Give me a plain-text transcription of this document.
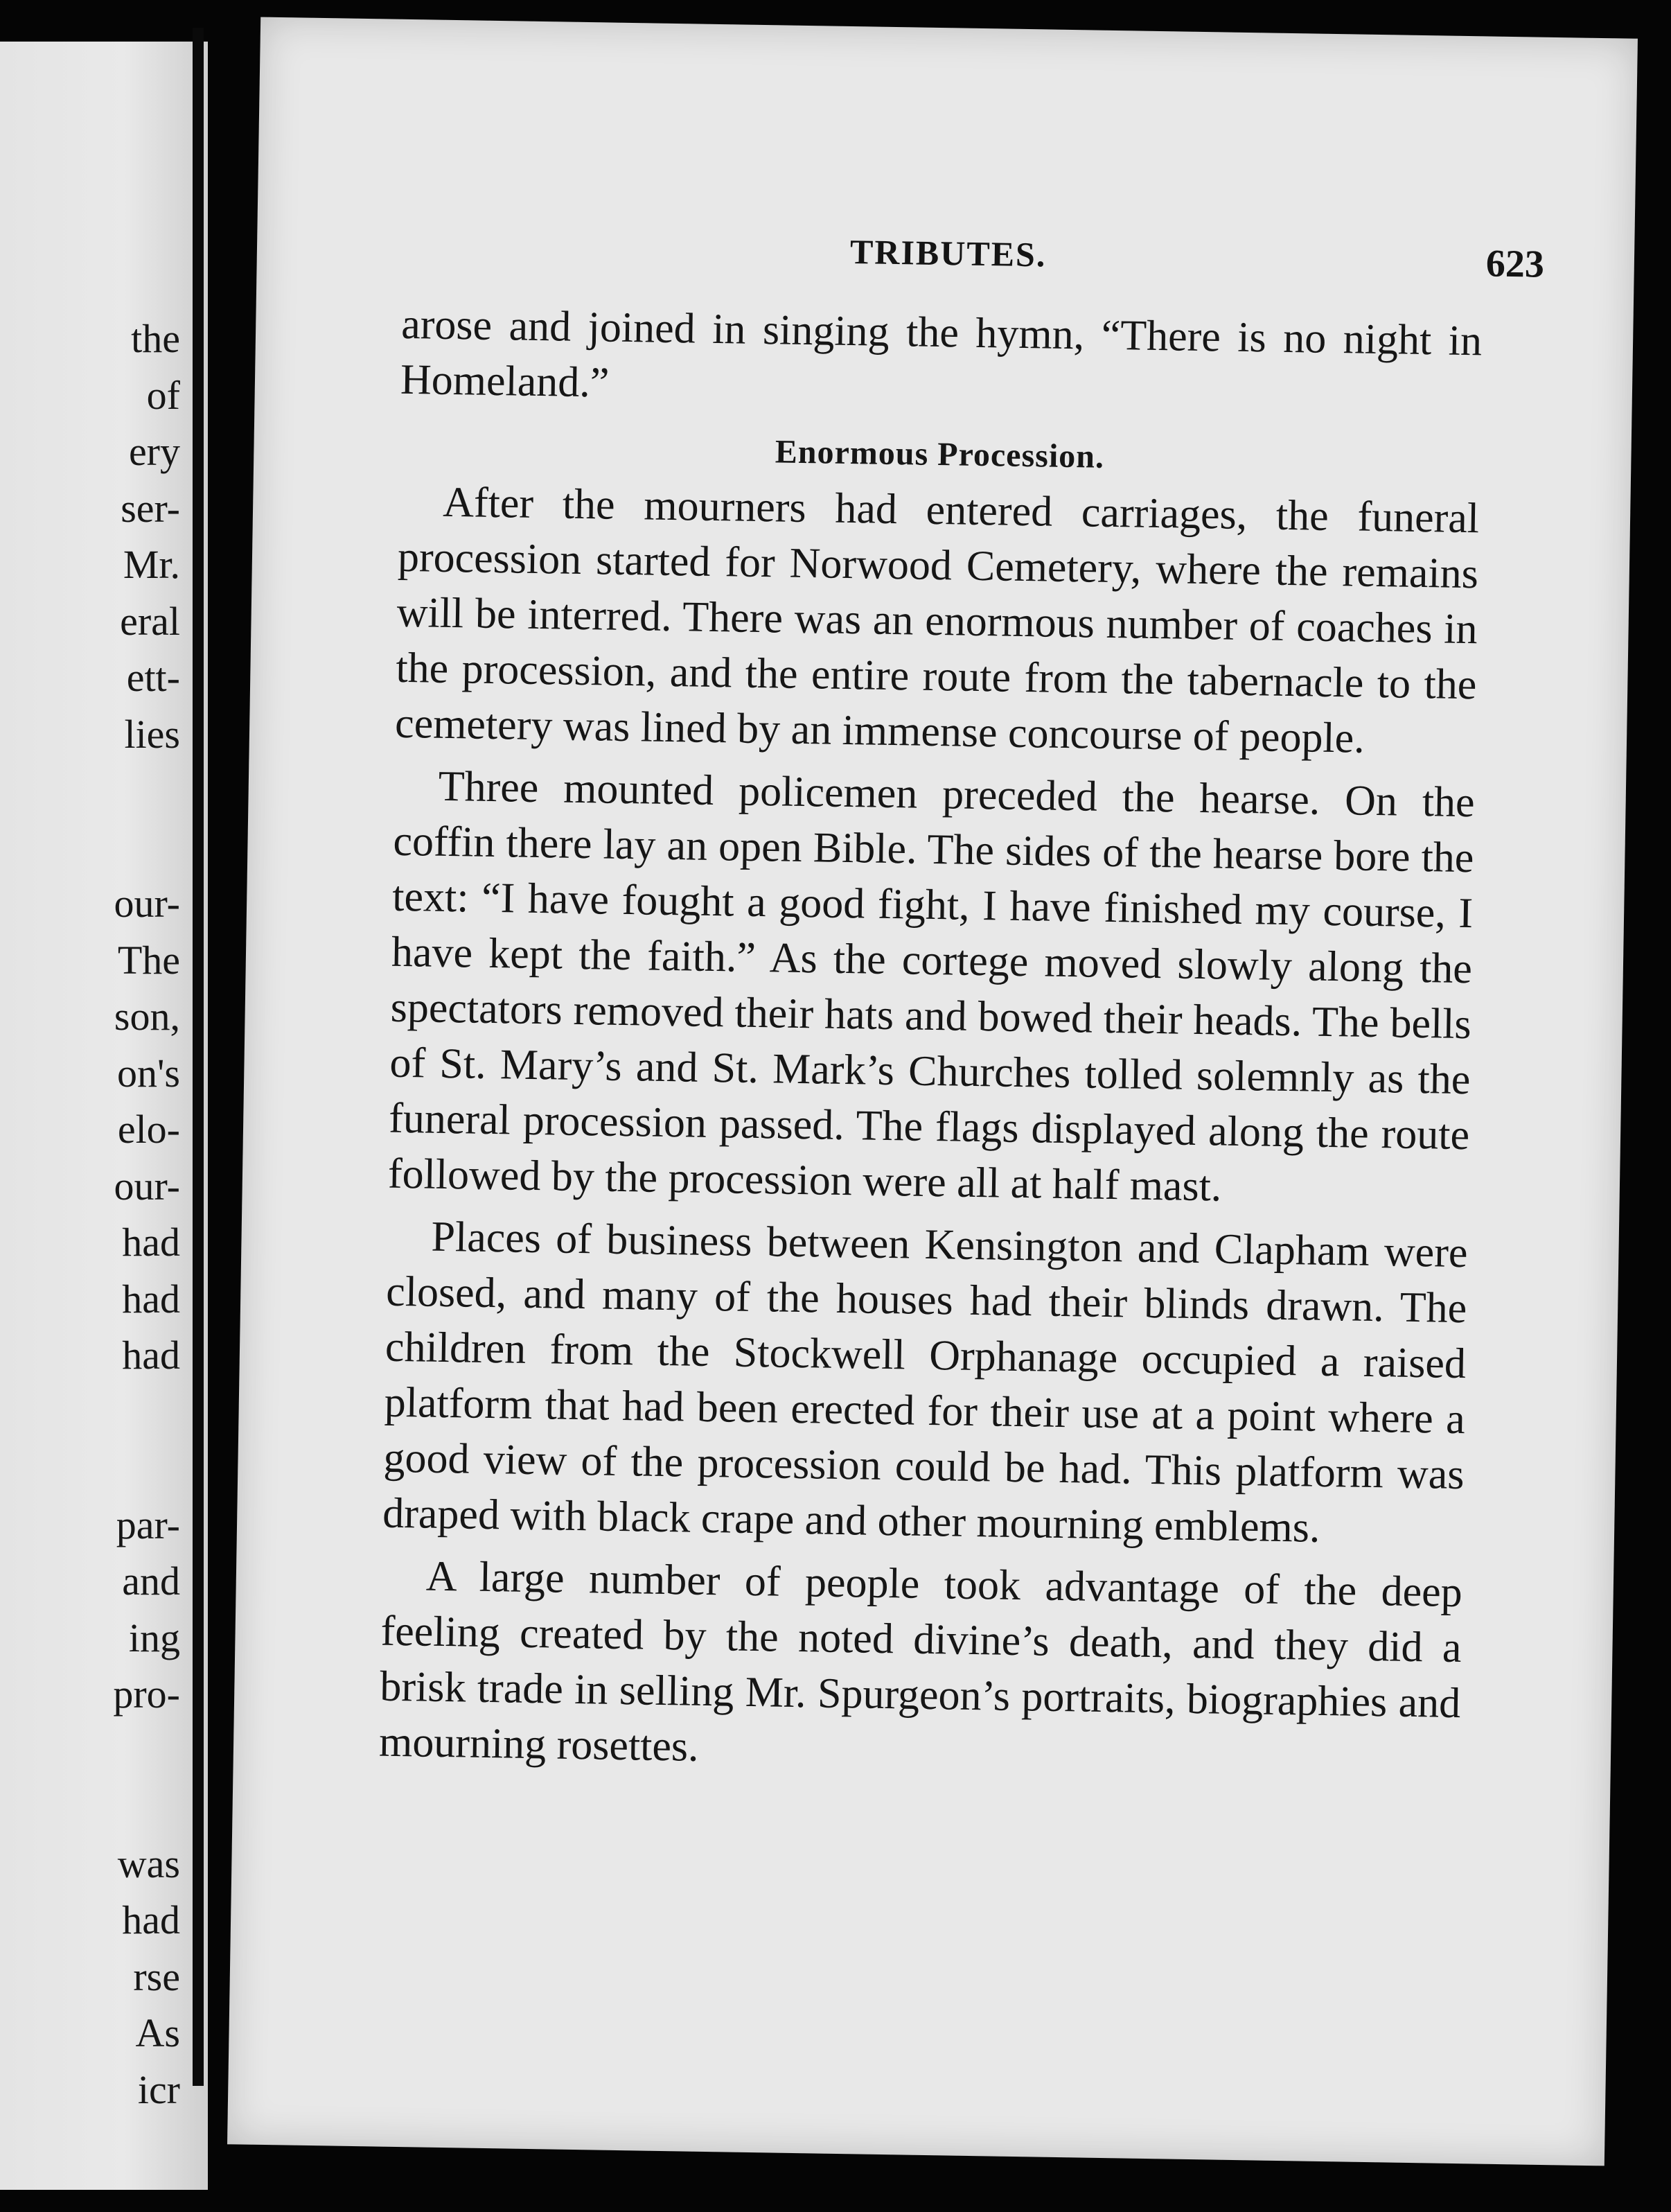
the
of
ery
ser-
Mr.
eral
ett-
lies
our-
The
son,
on's
elo-
our-
had
had
had
par-
and
ing
pro-
was
had
rse
As
icr
TRIBUTES.	623

arose and joined in singing the hymn, “There is no night in Homeland.”

Enormous Procession.

After the mourners had entered carriages, the funeral procession started for Norwood Cemetery, where the remains will be interred. There was an enormous number of coaches in the procession, and the entire route from the tabernacle to the cemetery was lined by an immense concourse of people.

Three mounted policemen preceded the hearse. On the coffin there lay an open Bible. The sides of the hearse bore the text: “I have fought a good fight, I have finished my course, I have kept the faith.” As the cortege moved slowly along the spectators removed their hats and bowed their heads. The bells of St. Mary’s and St. Mark’s Churches tolled solemnly as the funeral procession passed. The flags displayed along the route followed by the procession were all at half mast.

Places of business between Kensington and Clapham were closed, and many of the houses had their blinds drawn. The children from the Stockwell Orphanage occupied a raised platform that had been erected for their use at a point where a good view of the procession could be had. This platform was draped with black crape and other mourning emblems.

A large number of people took advantage of the deep feeling created by the noted divine’s death, and they did a brisk trade in selling Mr. Spurgeon’s portraits, biographies and mourning rosettes.
